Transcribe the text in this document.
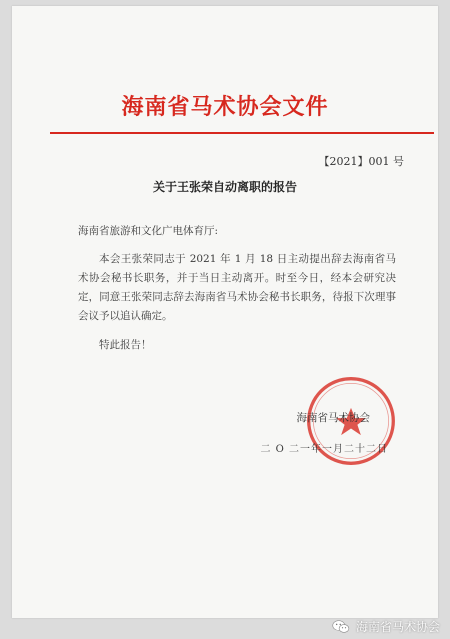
海南省马术协会文件
【2021】001 号
关于王张荣自动离职的报告
海南省旅游和文化广电体育厅:
本会王张荣同志于 2021 年 1 月 18 日主动提出辞去海南省马术协会秘书长职务，并于当日主动离开。时至今日，经本会研究决定，同意王张荣同志辞去海南省马术协会秘书长职务，待报下次理事会议予以追认确定。
特此报告！
海南省马术协会
二 O 二一年一月二十二日
海南省马术协会
